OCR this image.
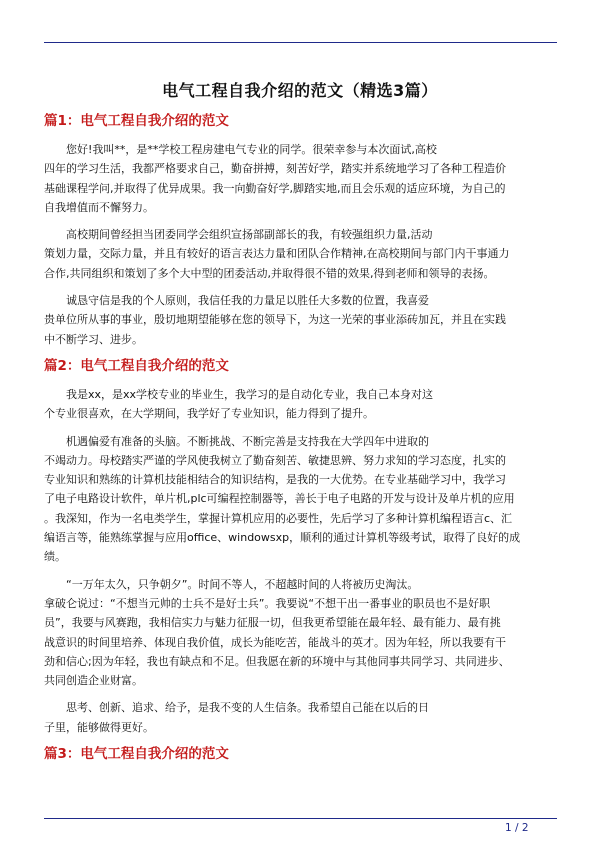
电气工程自我介绍的范文（精选3篇）
篇1：电气工程自我介绍的范文
您好!我叫**，是**学校工程房建电气专业的同学。很荣幸参与本次面试,高校
四年的学习生活，我都严格要求自己，勤奋拼搏，刻苦好学，踏实并系统地学习了各种工程造价
基础课程学问,并取得了优异成果。我一向勤奋好学,脚踏实地,而且会乐观的适应环境，为自己的
自我增值而不懈努力。
高校期间曾经担当团委同学会组织宣扬部副部长的我，有较强组织力量,活动
策划力量，交际力量，并且有较好的语言表达力量和团队合作精神,在高校期间与部门内干事通力
合作,共同组织和策划了多个大中型的团委活动,并取得很不错的效果,得到老师和领导的表扬。
诚恳守信是我的个人原则，我信任我的力量足以胜任大多数的位置，我喜爱
贵单位所从事的事业，殷切地期望能够在您的领导下，为这一光荣的事业添砖加瓦，并且在实践
中不断学习、进步。
篇2：电气工程自我介绍的范文
我是xx，是xx学校专业的毕业生，我学习的是自动化专业，我自己本身对这
个专业很喜欢，在大学期间，我学好了专业知识，能力得到了提升。
机遇偏爱有准备的头脑。不断挑战、不断完善是支持我在大学四年中进取的
不竭动力。母校踏实严谨的学风使我树立了勤奋刻苦、敏捷思辨、努力求知的学习态度，扎实的
专业知识和熟练的计算机技能相结合的知识结构，是我的一大优势。在专业基础学习中，我学习
了电子电路设计软件，单片机,plc可编程控制器等，善长于电子电路的开发与设计及单片机的应用
。我深知，作为一名电类学生，掌握计算机应用的必要性，先后学习了多种计算机编程语言c、汇
编语言等，能熟练掌握与应用office、windowsxp，顺利的通过计算机等级考试，取得了良好的成
绩。
“一万年太久，只争朝夕”。时间不等人，不超越时间的人将被历史淘汰。
拿破仑说过：“不想当元帅的士兵不是好士兵”。我要说“不想干出一番事业的职员也不是好职
员”，我要与风赛跑，我相信实力与魅力征服一切，但我更希望能在最年轻、最有能力、最有挑
战意识的时间里培养、体现自我价值，成长为能吃苦，能战斗的英才。因为年轻，所以我要有干
劲和信心;因为年轻，我也有缺点和不足。但我愿在新的环境中与其他同事共同学习、共同进步、
共同创造企业财富。
思考、创新、追求、给予，是我不变的人生信条。我希望自己能在以后的日
子里，能够做得更好。
篇3：电气工程自我介绍的范文
1 / 2
